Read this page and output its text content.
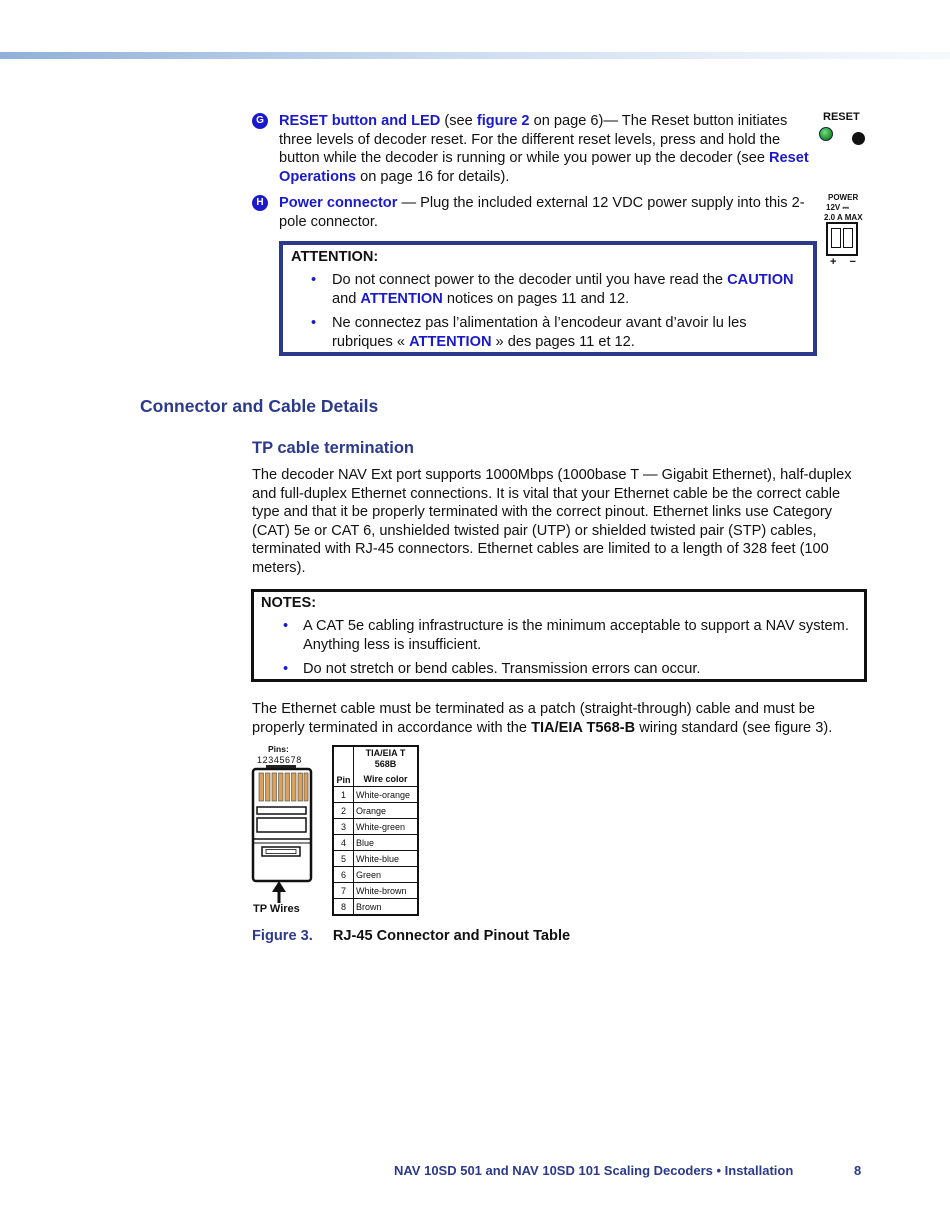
G RESET button and LED (see figure 2 on page 6)— The Reset button initiates three levels of decoder reset. For the different reset levels, press and hold the button while the decoder is running or while you power up the decoder (see Reset Operations on page 16 for details).
RESET
H	Power connector — Plug the included external 12 VDC power supply into this 2-pole connector.
POWER
12V ⎓
2.0 A MAX
+ −
ATTENTION:
• Do not connect power to the decoder until you have read the CAUTION and ATTENTION notices on pages 11 and 12.
• Ne connectez pas l’alimentation à l’encodeur avant d’avoir lu les rubriques « ATTENTION » des pages 11 et 12.
Connector and Cable Details
TP cable termination
The decoder NAV Ext port supports 1000Mbps (1000base T — Gigabit Ethernet), half-duplex and full-duplex Ethernet connections. It is vital that your Ethernet cable be the correct cable type and that it be properly terminated with the correct pinout. Ethernet links use Category (CAT) 5e or CAT 6, unshielded twisted pair (UTP) or shielded twisted pair (STP) cables, terminated with RJ-45 connectors. Ethernet cables are limited to a length of 328 feet (100 meters).
NOTES:
• A CAT 5e cabling infrastructure is the minimum acceptable to support a NAV system. Anything less is insufficient.
• Do not stretch or bend cables. Transmission errors can occur.
The Ethernet cable must be terminated as a patch (straight-through) cable and must be properly terminated in accordance with the TIA/EIA T568-B wiring standard (see figure 3).
Pins:
12345678
TP Wires
Pin	TIA/EIA T 568B
	Wire color
1	White-orange
2	Orange
3	White-green
4	Blue
5	White-blue
6	Green
7	White-brown
8	Brown
Figure 3. RJ-45 Connector and Pinout Table
NAV 10SD 501 and NAV 10SD 101 Scaling Decoders • Installation	8
